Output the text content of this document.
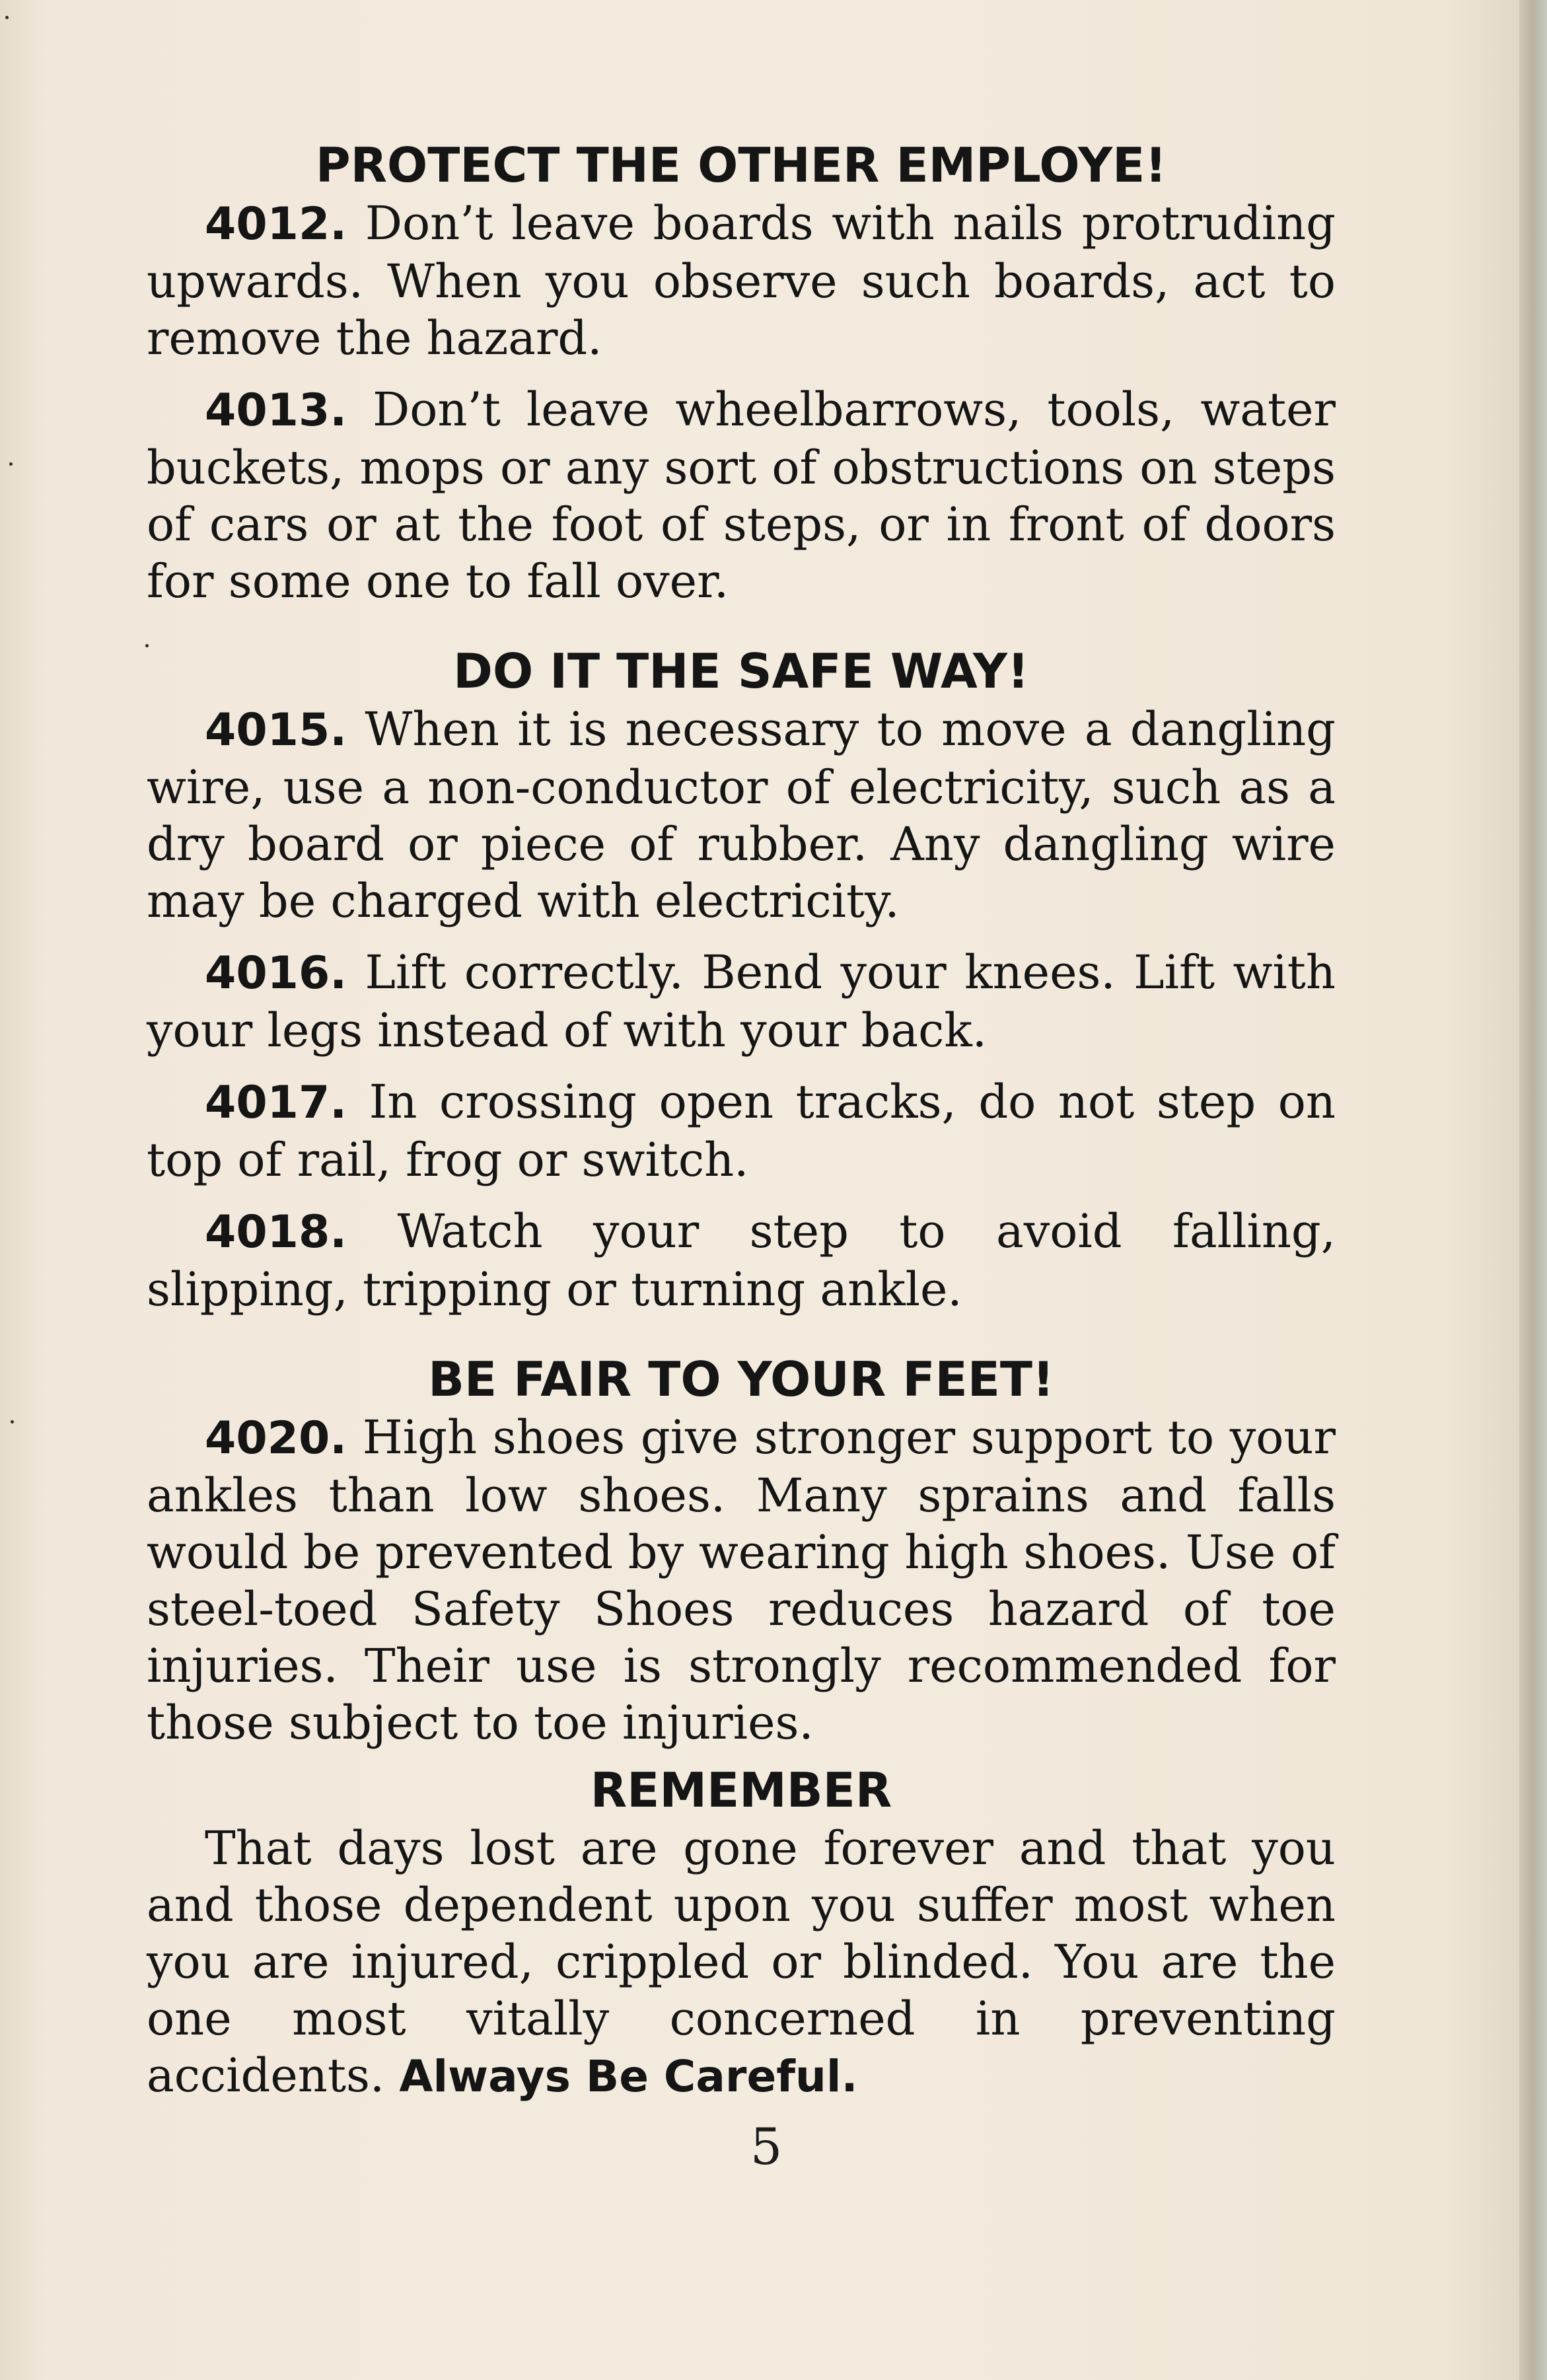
PROTECT THE OTHER EMPLOYE!

4012. Don’t leave boards with nails protruding upwards. When you observe such boards, act to remove the hazard.

4013. Don’t leave wheelbarrows, tools, water buckets, mops or any sort of obstructions on steps of cars or at the foot of steps, or in front of doors for some one to fall over.

DO IT THE SAFE WAY!

4015. When it is necessary to move a dangling wire, use a non-conductor of electricity, such as a dry board or piece of rubber. Any dangling wire may be charged with electricity.

4016. Lift correctly. Bend your knees. Lift with your legs instead of with your back.

4017. In crossing open tracks, do not step on top of rail, frog or switch.

4018. Watch your step to avoid falling, slipping, tripping or turning ankle.

BE FAIR TO YOUR FEET!

4020. High shoes give stronger support to your ankles than low shoes. Many sprains and falls would be prevented by wearing high shoes. Use of steel-toed Safety Shoes reduces hazard of toe injuries. Their use is strongly recommended for those subject to toe injuries.

REMEMBER

That days lost are gone forever and that you and those dependent upon you suffer most when you are injured, crippled or blinded. You are the one most vitally concerned in preventing accidents. Always Be Careful.

5
